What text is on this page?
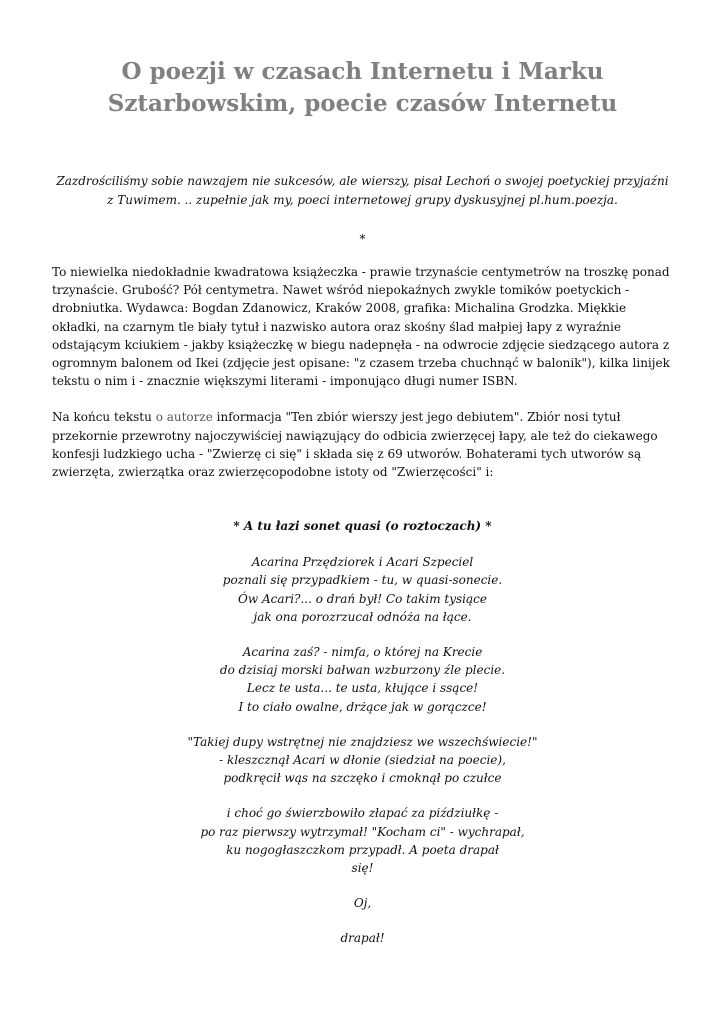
O poezji w czasach Internetu i Marku Sztarbowskim, poecie czasów Internetu

Zazdrościliśmy sobie nawzajem nie sukcesów, ale wierszy, pisał Lechoń o swojej poetyckiej przyjaźni z Tuwimem. .. zupełnie jak my, poeci internetowej grupy dyskusyjnej pl.hum.poezja.

*

To niewielka niedokładnie kwadratowa książeczka - prawie trzynaście centymetrów na troszkę ponad trzynaście. Grubość? Pół centymetra. Nawet wśród niepokaźnych zwykle tomików poetyckich - drobniutka. Wydawca: Bogdan Zdanowicz, Kraków 2008, grafika: Michalina Grodzka. Miękkie okładki, na czarnym tle biały tytuł i nazwisko autora oraz skośny ślad małpiej łapy z wyraźnie odstającym kciukiem - jakby książeczkę w biegu nadepnęła - na odwrocie zdjęcie siedzącego autora z ogromnym balonem od Ikei (zdjęcie jest opisane: "z czasem trzeba chuchnąć w balonik"), kilka linijek tekstu o nim i - znacznie większymi literami - imponująco długi numer ISBN.

Na końcu tekstu o autorze informacja "Ten zbiór wierszy jest jego debiutem". Zbiór nosi tytuł przekornie przewrotny najoczywiściej nawiązujący do odbicia zwierzęcej łapy, ale też do ciekawego konfesji ludzkiego ucha - "Zwierzę ci się" i składa się z 69 utworów. Bohaterami tych utworów są zwierzęta, zwierzątka oraz zwierzęcopodobne istoty od "Zwierzęcości" i:

* A tu łazi sonet quasi (o roztoczach) *

Acarina Przędziorek i Acari Szpeciel
poznali się przypadkiem - tu, w quasi-sonecie.
Ów Acari?... o drań był! Co takim tysiące
jak ona porozrzucał odnóża na łące.

Acarina zaś? - nimfa, o której na Krecie
do dzisiaj morski bałwan wzburzony źle plecie.
Lecz te usta... te usta, kłujące i ssące!
I to ciało owalne, drżące jak w gorączce!

"Takiej dupy wstrętnej nie znajdziesz we wszechświecie!"
- kleszcznął Acari w dłonie (siedział na poecie),
podkręcił wąs na szczęko i cmoknął po czułce

i choć go świerzbowiło złapać za piździułkę -
po raz pierwszy wytrzymał! "Kocham ci" - wychrapał,
ku nogogłaszczkom przypadł. A poeta drapał
się!

Oj,

drapał!
